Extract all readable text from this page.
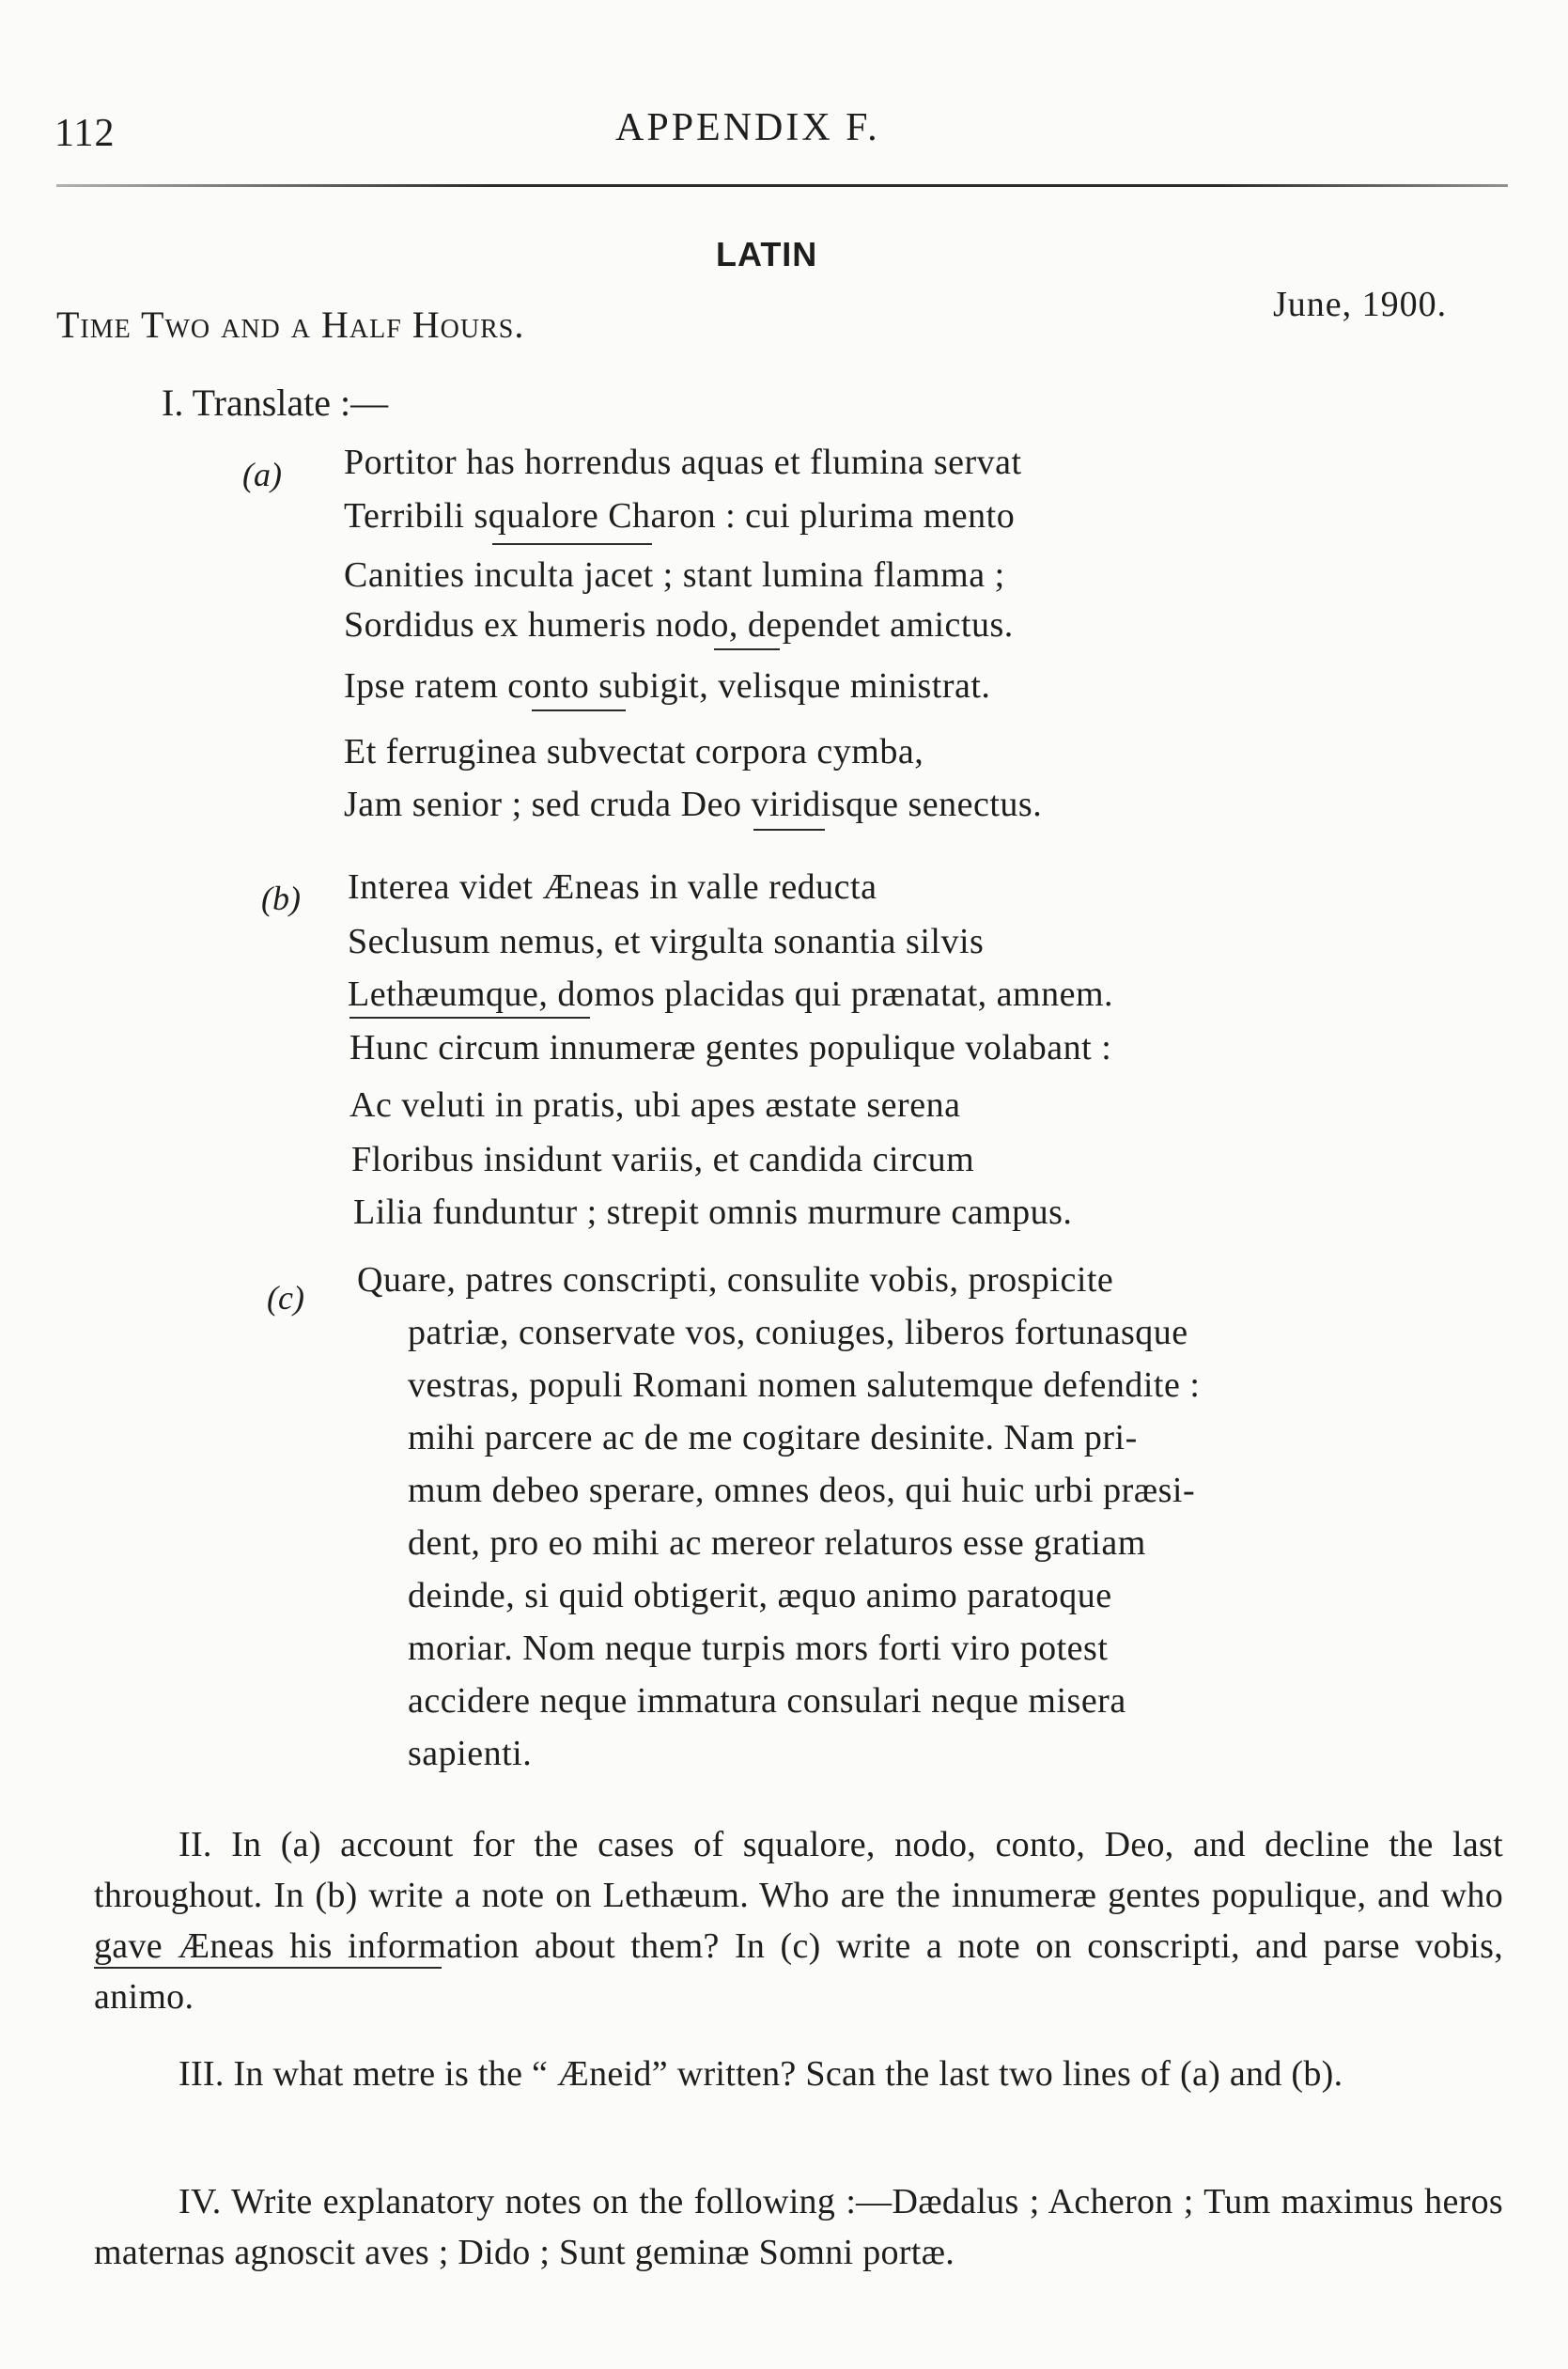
112	APPENDIX F.
LATIN
Time Two and a Half Hours.	June, 1900.
I. Translate :—
(a) Portitor has horrendus aquas et flumina servat
Terribili squalore Charon : cui plurima mento
Canities inculta jacet ; stant lumina flamma ;
Sordidus ex humeris nodo, dependet amictus.
Ipse ratem conto subigit, velisque ministrat.
Et ferruginea subvectat corpora cymba,
Jam senior ; sed cruda Deo viridisque senectus.
(b) Interea videt Æneas in valle reducta
Seclusum nemus, et virgulta sonantia silvis
Lethæumque, domos placidas qui prænatat, amnem.
Hunc circum innumeræ gentes populique volabant :
Ac veluti in pratis, ubi apes æstate serena
Floribus insidunt variis, et candida circum
Lilia funduntur ; strepit omnis murmure campus.
(c) Quare, patres conscripti, consulite vobis, prospicite
patriæ, conservate vos, coniuges, liberos fortunasque
vestras, populi Romani nomen salutemque defendite :
mihi parcere ac de me cogitare desinite. Nam pri-
mum debeo sperare, omnes deos, qui huic urbi præsi-
dent, pro eo mihi ac mereor relaturos esse gratiam
deinde, si quid obtigerit, æquo animo paratoque
moriar. Nom neque turpis mors forti viro potest
accidere neque immatura consulari neque misera
sapienti.
II. In (a) account for the cases of squalore, nodo, conto, Deo, and decline the last throughout. In (b) write a note on Lethæum. Who are the innumeræ gentes populique, and who gave Æneas his information about them? In (c) write a note on conscripti, and parse vobis, animo.
III. In what metre is the “ Æneid” written? Scan the last two lines of (a) and (b).
IV. Write explanatory notes on the following :—Dædalus ; Acheron ; Tum maximus heros maternas agnoscit aves ; Dido ; Sunt geminæ Somni portæ.
